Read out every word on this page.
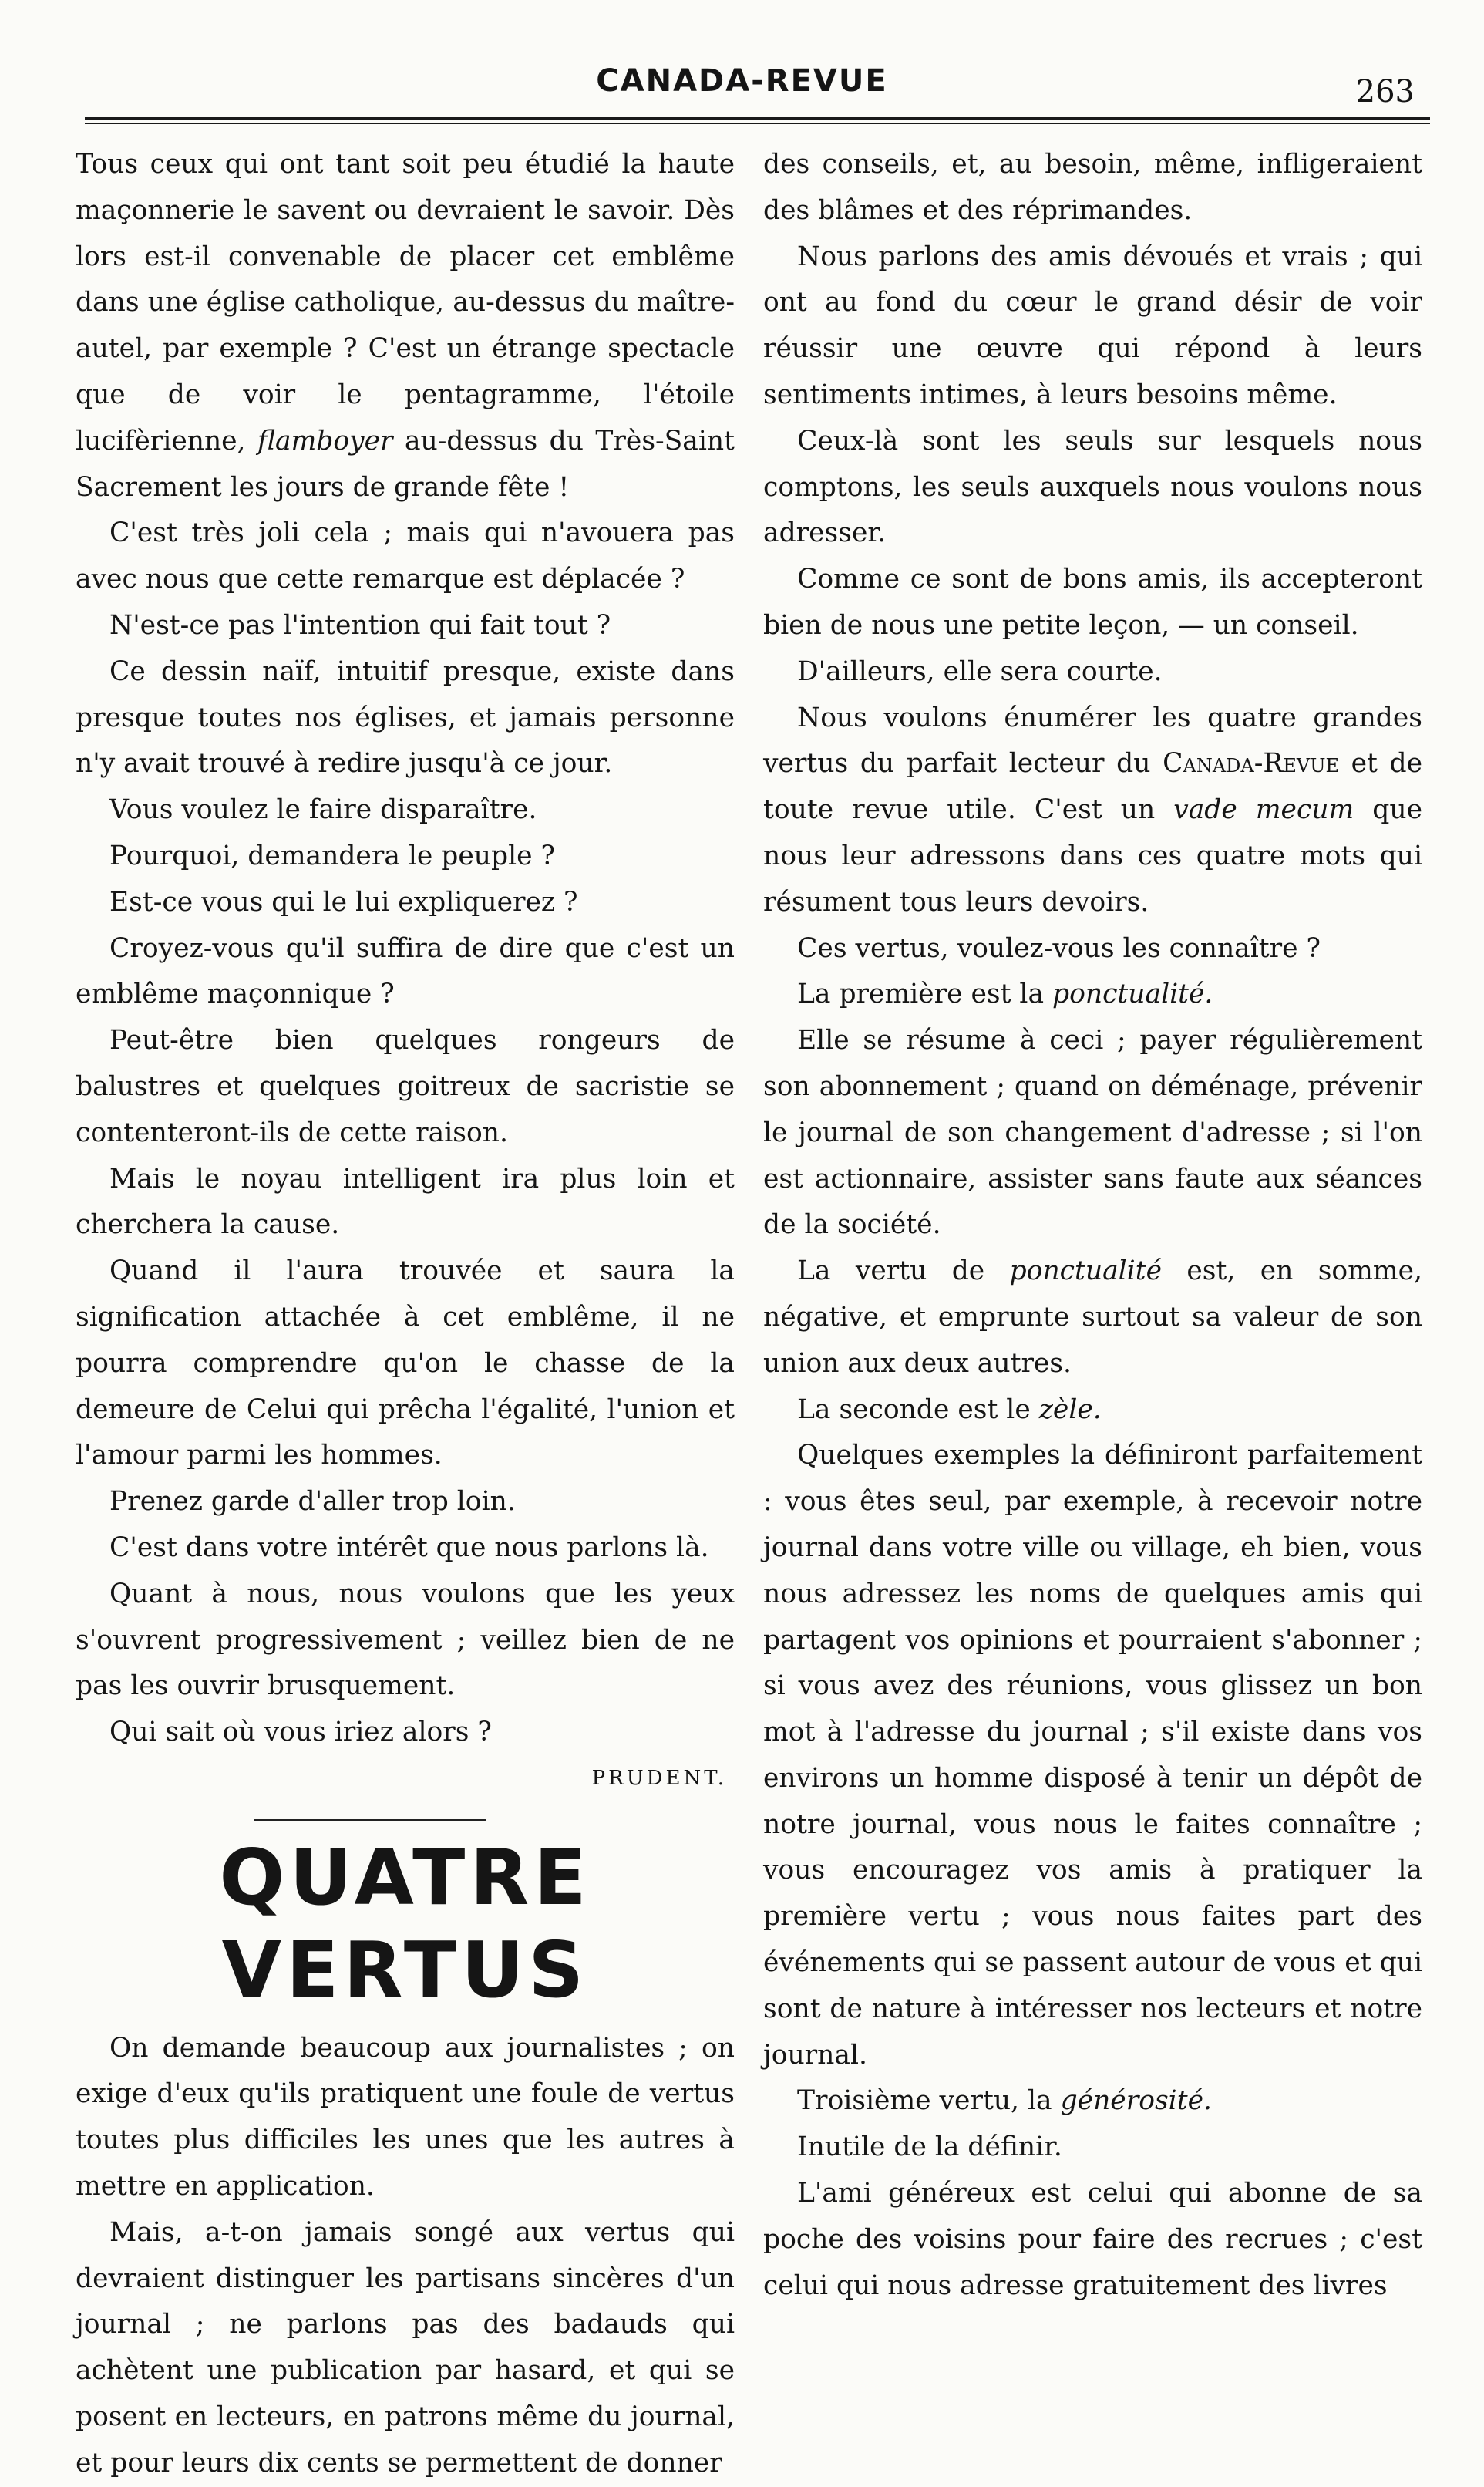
CANADA-REVUE	263

Tous ceux qui ont tant soit peu étudié la haute maçonnerie le savent ou devraient le savoir. Dès lors est-il convenable de placer cet emblême dans une église catholique, au-dessus du maître-autel, par exemple ? C'est un étrange spectacle que de voir le pentagramme, l'étoile lucifèrienne, flamboyer au-dessus du Très-Saint Sacrement les jours de grande fête !

C'est très joli cela ; mais qui n'avouera pas avec nous que cette remarque est déplacée ?

N'est-ce pas l'intention qui fait tout ?

Ce dessin naïf, intuitif presque, existe dans presque toutes nos églises, et jamais personne n'y avait trouvé à redire jusqu'à ce jour.

Vous voulez le faire disparaître.

Pourquoi, demandera le peuple ?

Est-ce vous qui le lui expliquerez ?

Croyez-vous qu'il suffira de dire que c'est un emblême maçonnique ?

Peut-être bien quelques rongeurs de balustres et quelques goitreux de sacristie se contenteront-ils de cette raison.

Mais le noyau intelligent ira plus loin et cherchera la cause.

Quand il l'aura trouvée et saura la signification attachée à cet emblême, il ne pourra comprendre qu'on le chasse de la demeure de Celui qui prêcha l'égalité, l'union et l'amour parmi les hommes.

Prenez garde d'aller trop loin.

C'est dans votre intérêt que nous parlons là.

Quant à nous, nous voulons que les yeux s'ouvrent progressivement ; veillez bien de ne pas les ouvrir brusquement.

Qui sait où vous iriez alors ?

PRUDENT.

QUATRE VERTUS

On demande beaucoup aux journalistes ; on exige d'eux qu'ils pratiquent une foule de vertus toutes plus difficiles les unes que les autres à mettre en application.

Mais, a-t-on jamais songé aux vertus qui devraient distinguer les partisans sincères d'un journal ; ne parlons pas des badauds qui achètent une publication par hasard, et qui se posent en lecteurs, en patrons même du journal, et pour leurs dix cents se permettent de donner

des conseils, et, au besoin, même, infligeraient des blâmes et des réprimandes.

Nous parlons des amis dévoués et vrais ; qui ont au fond du cœur le grand désir de voir réussir une œuvre qui répond à leurs sentiments intimes, à leurs besoins même.

Ceux-là sont les seuls sur lesquels nous comptons, les seuls auxquels nous voulons nous adresser.

Comme ce sont de bons amis, ils accepteront bien de nous une petite leçon, — un conseil.

D'ailleurs, elle sera courte.

Nous voulons énumérer les quatre grandes vertus du parfait lecteur du Canada-Revue et de toute revue utile. C'est un vade mecum que nous leur adressons dans ces quatre mots qui résument tous leurs devoirs.

Ces vertus, voulez-vous les connaître ?

La première est la ponctualité.

Elle se résume à ceci ; payer régulièrement son abonnement ; quand on déménage, prévenir le journal de son changement d'adresse ; si l'on est actionnaire, assister sans faute aux séances de la société.

La vertu de ponctualité est, en somme, négative, et emprunte surtout sa valeur de son union aux deux autres.

La seconde est le zèle.

Quelques exemples la définiront parfaitement : vous êtes seul, par exemple, à recevoir notre journal dans votre ville ou village, eh bien, vous nous adressez les noms de quelques amis qui partagent vos opinions et pourraient s'abonner ; si vous avez des réunions, vous glissez un bon mot à l'adresse du journal ; s'il existe dans vos environs un homme disposé à tenir un dépôt de notre journal, vous nous le faites connaître ; vous encouragez vos amis à pratiquer la première vertu ; vous nous faites part des événements qui se passent autour de vous et qui sont de nature à intéresser nos lecteurs et notre journal.

Troisième vertu, la générosité.

Inutile de la définir.

L'ami généreux est celui qui abonne de sa poche des voisins pour faire des recrues ; c'est celui qui nous adresse gratuitement des livres
